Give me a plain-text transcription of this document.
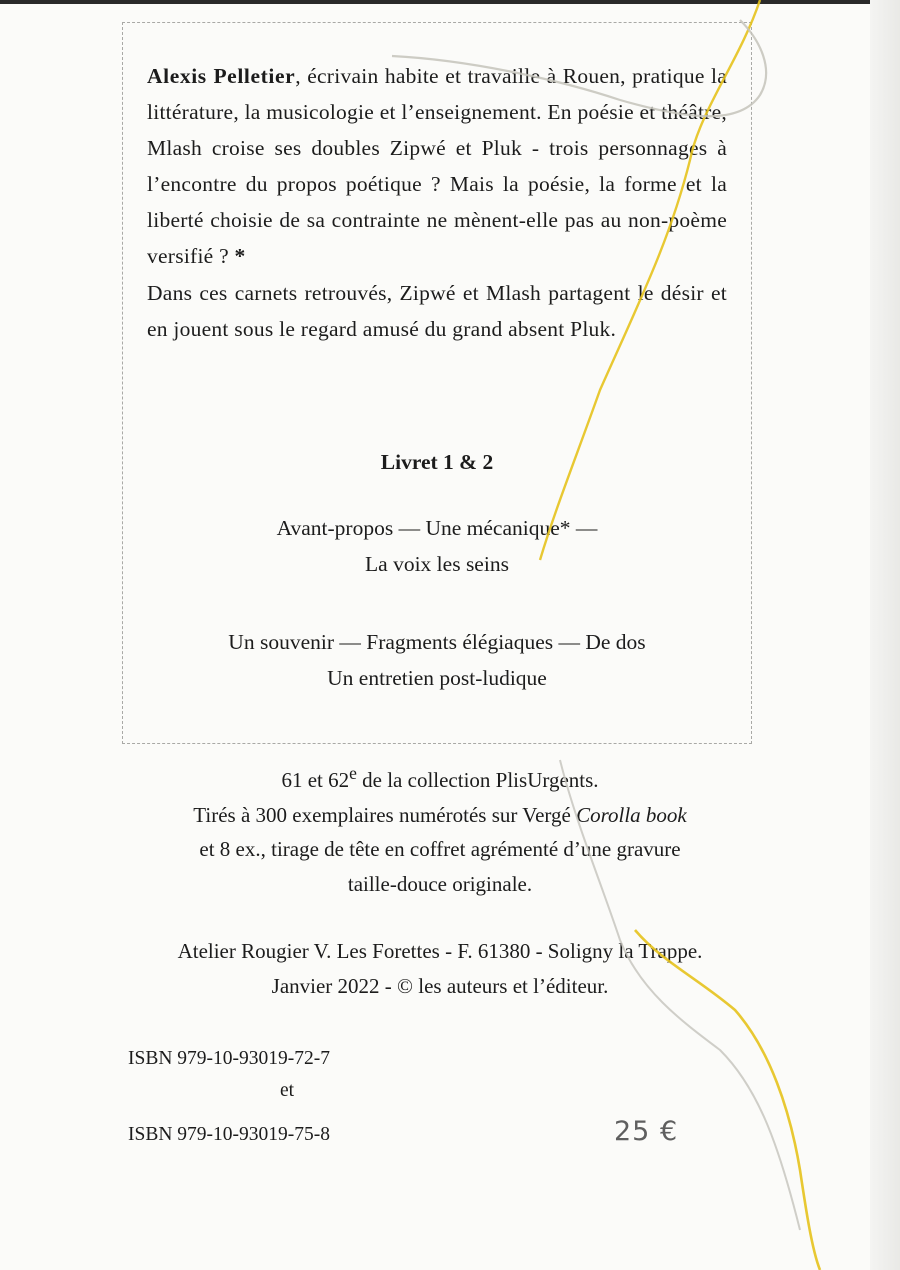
Alexis Pelletier, écrivain habite et travaille à Rouen, pratique la littérature, la musicologie et l’enseignement. En poésie et théâtre, Mlash croise ses doubles Zipwé et Pluk - trois personnages à l’encontre du propos poétique ? Mais la poésie, la forme et la liberté choisie de sa contrainte ne mènent-elle pas au non-poème versifié ? *

Dans ces carnets retrouvés, Zipwé et Mlash partagent le désir et en jouent sous le regard amusé du grand absent Pluk.

Livret 1 & 2
Avant-propos — Une mécanique* —
La voix les seins
Un souvenir — Fragments élégiaques — De dos
Un entretien post-ludique

61 et 62e de la collection PlisUrgents.

Tirés à 300 exemplaires numérotés sur Vergé Corolla book

et 8 ex., tirage de tête en coffret agrémenté d’une gravure

taille-douce originale.

Atelier Rougier V. Les Forettes - F. 61380 - Soligny la Trappe.

Janvier 2022 - © les auteurs et l’éditeur.

ISBN 979-10-93019-72-7
et
ISBN 979-10-93019-75-8	25 €
